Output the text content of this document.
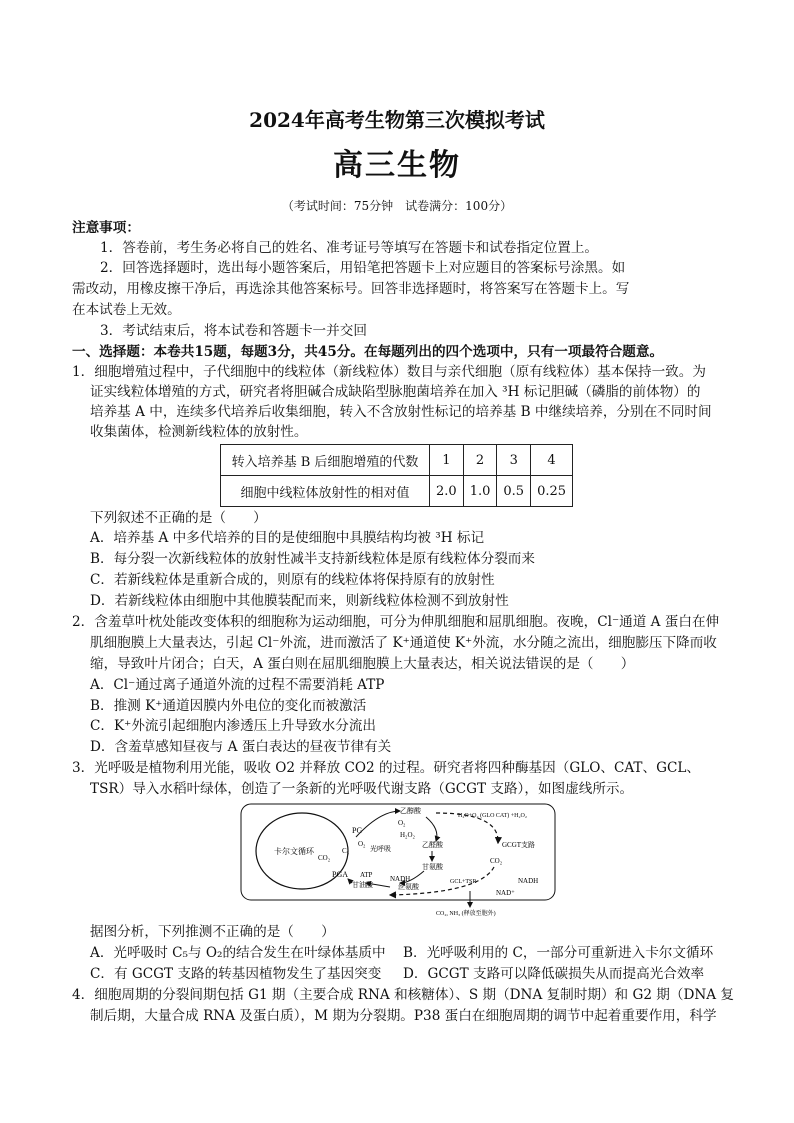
2024年高考生物第三次模拟考试
高三生物
（考试时间：75分钟　试卷满分：100分）
注意事项：
1．答卷前，考生务必将自己的姓名、准考证号等填写在答题卡和试卷指定位置上。
2．回答选择题时，选出每小题答案后，用铅笔把答题卡上对应题目的答案标号涂黑。如
需改动，用橡皮擦干净后，再选涂其他答案标号。回答非选择题时，将答案写在答题卡上。写
在本试卷上无效。
3．考试结束后，将本试卷和答题卡一并交回
一、选择题：本卷共15题，每题3分，共45分。在每题列出的四个选项中，只有一项最符合题意。
1．细胞增殖过程中，子代细胞中的线粒体（新线粒体）数目与亲代细胞（原有线粒体）基本保持一致。为
证实线粒体增殖的方式，研究者将胆碱合成缺陷型脉胞菌培养在加入 ³H 标记胆碱（磷脂的前体物）的
培养基 A 中，连续多代培养后收集细胞，转入不含放射性标记的培养基 B 中继续培养，分别在不同时间
收集菌体，检测新线粒体的放射性。
转入培养基 B 后细胞增殖的代数	1	2	3	4
细胞中线粒体放射性的相对值	2.0	1.0	0.5	0.25
下列叙述不正确的是（　　）
A．培养基 A 中多代培养的目的是使细胞中具膜结构均被 ³H 标记
B．每分裂一次新线粒体的放射性减半支持新线粒体是原有线粒体分裂而来
C．若新线粒体是重新合成的，则原有的线粒体将保持原有的放射性
D．若新线粒体由细胞中其他膜装配而来，则新线粒体检测不到放射性
2．含羞草叶枕处能改变体积的细胞称为运动细胞，可分为伸肌细胞和屈肌细胞。夜晚，Cl⁻通道 A 蛋白在伸
肌细胞膜上大量表达，引起 Cl⁻外流，进而激活了 K⁺通道使 K⁺外流，水分随之流出，细胞膨压下降而收
缩，导致叶片闭合；白天，A 蛋白则在屈肌细胞膜上大量表达，相关说法错误的是（　　）
A．Cl⁻通过离子通道外流的过程不需要消耗 ATP
B．推测 K⁺通道因膜内外电位的变化而被激活
C．K⁺外流引起细胞内渗透压上升导致水分流出
D．含羞草感知昼夜与 A 蛋白表达的昼夜节律有关
3．光呼吸是植物利用光能，吸收 O2 并释放 CO2 的过程。研究者将四种酶基因（GLO、CAT、GCL、
TSR）导入水稻叶绿体，创造了一条新的光呼吸代谢支路（GCGT 支路），如图虚线所示。
卡尔文循环
PG
O₂
C₅
CO₂
PGA ATP
光呼吸
乙醇酸
O₂
H₂O₂
乙醛酸
甘氨酸
甘油酸
NADH
丝氨酸
H₂O+O₂ (GLO CAT) +H₂O₂
GCGT支路
CO₂
GCL+TSR
NAD⁺
NADH
CO₂, NH₃ (释放至胞外)
据图分析，下列推测不正确的是（　　）
A．光呼吸时 C₅与 O₂的结合发生在叶绿体基质中 B．光呼吸利用的 C，一部分可重新进入卡尔文循环
C．有 GCGT 支路的转基因植物发生了基因突变 D．GCGT 支路可以降低碳损失从而提高光合效率
4．细胞周期的分裂间期包括 G1 期（主要合成 RNA 和核糖体）、S 期（DNA 复制时期）和 G2 期（DNA 复
制后期，大量合成 RNA 及蛋白质），M 期为分裂期。P38 蛋白在细胞周期的调节中起着重要作用，科学
